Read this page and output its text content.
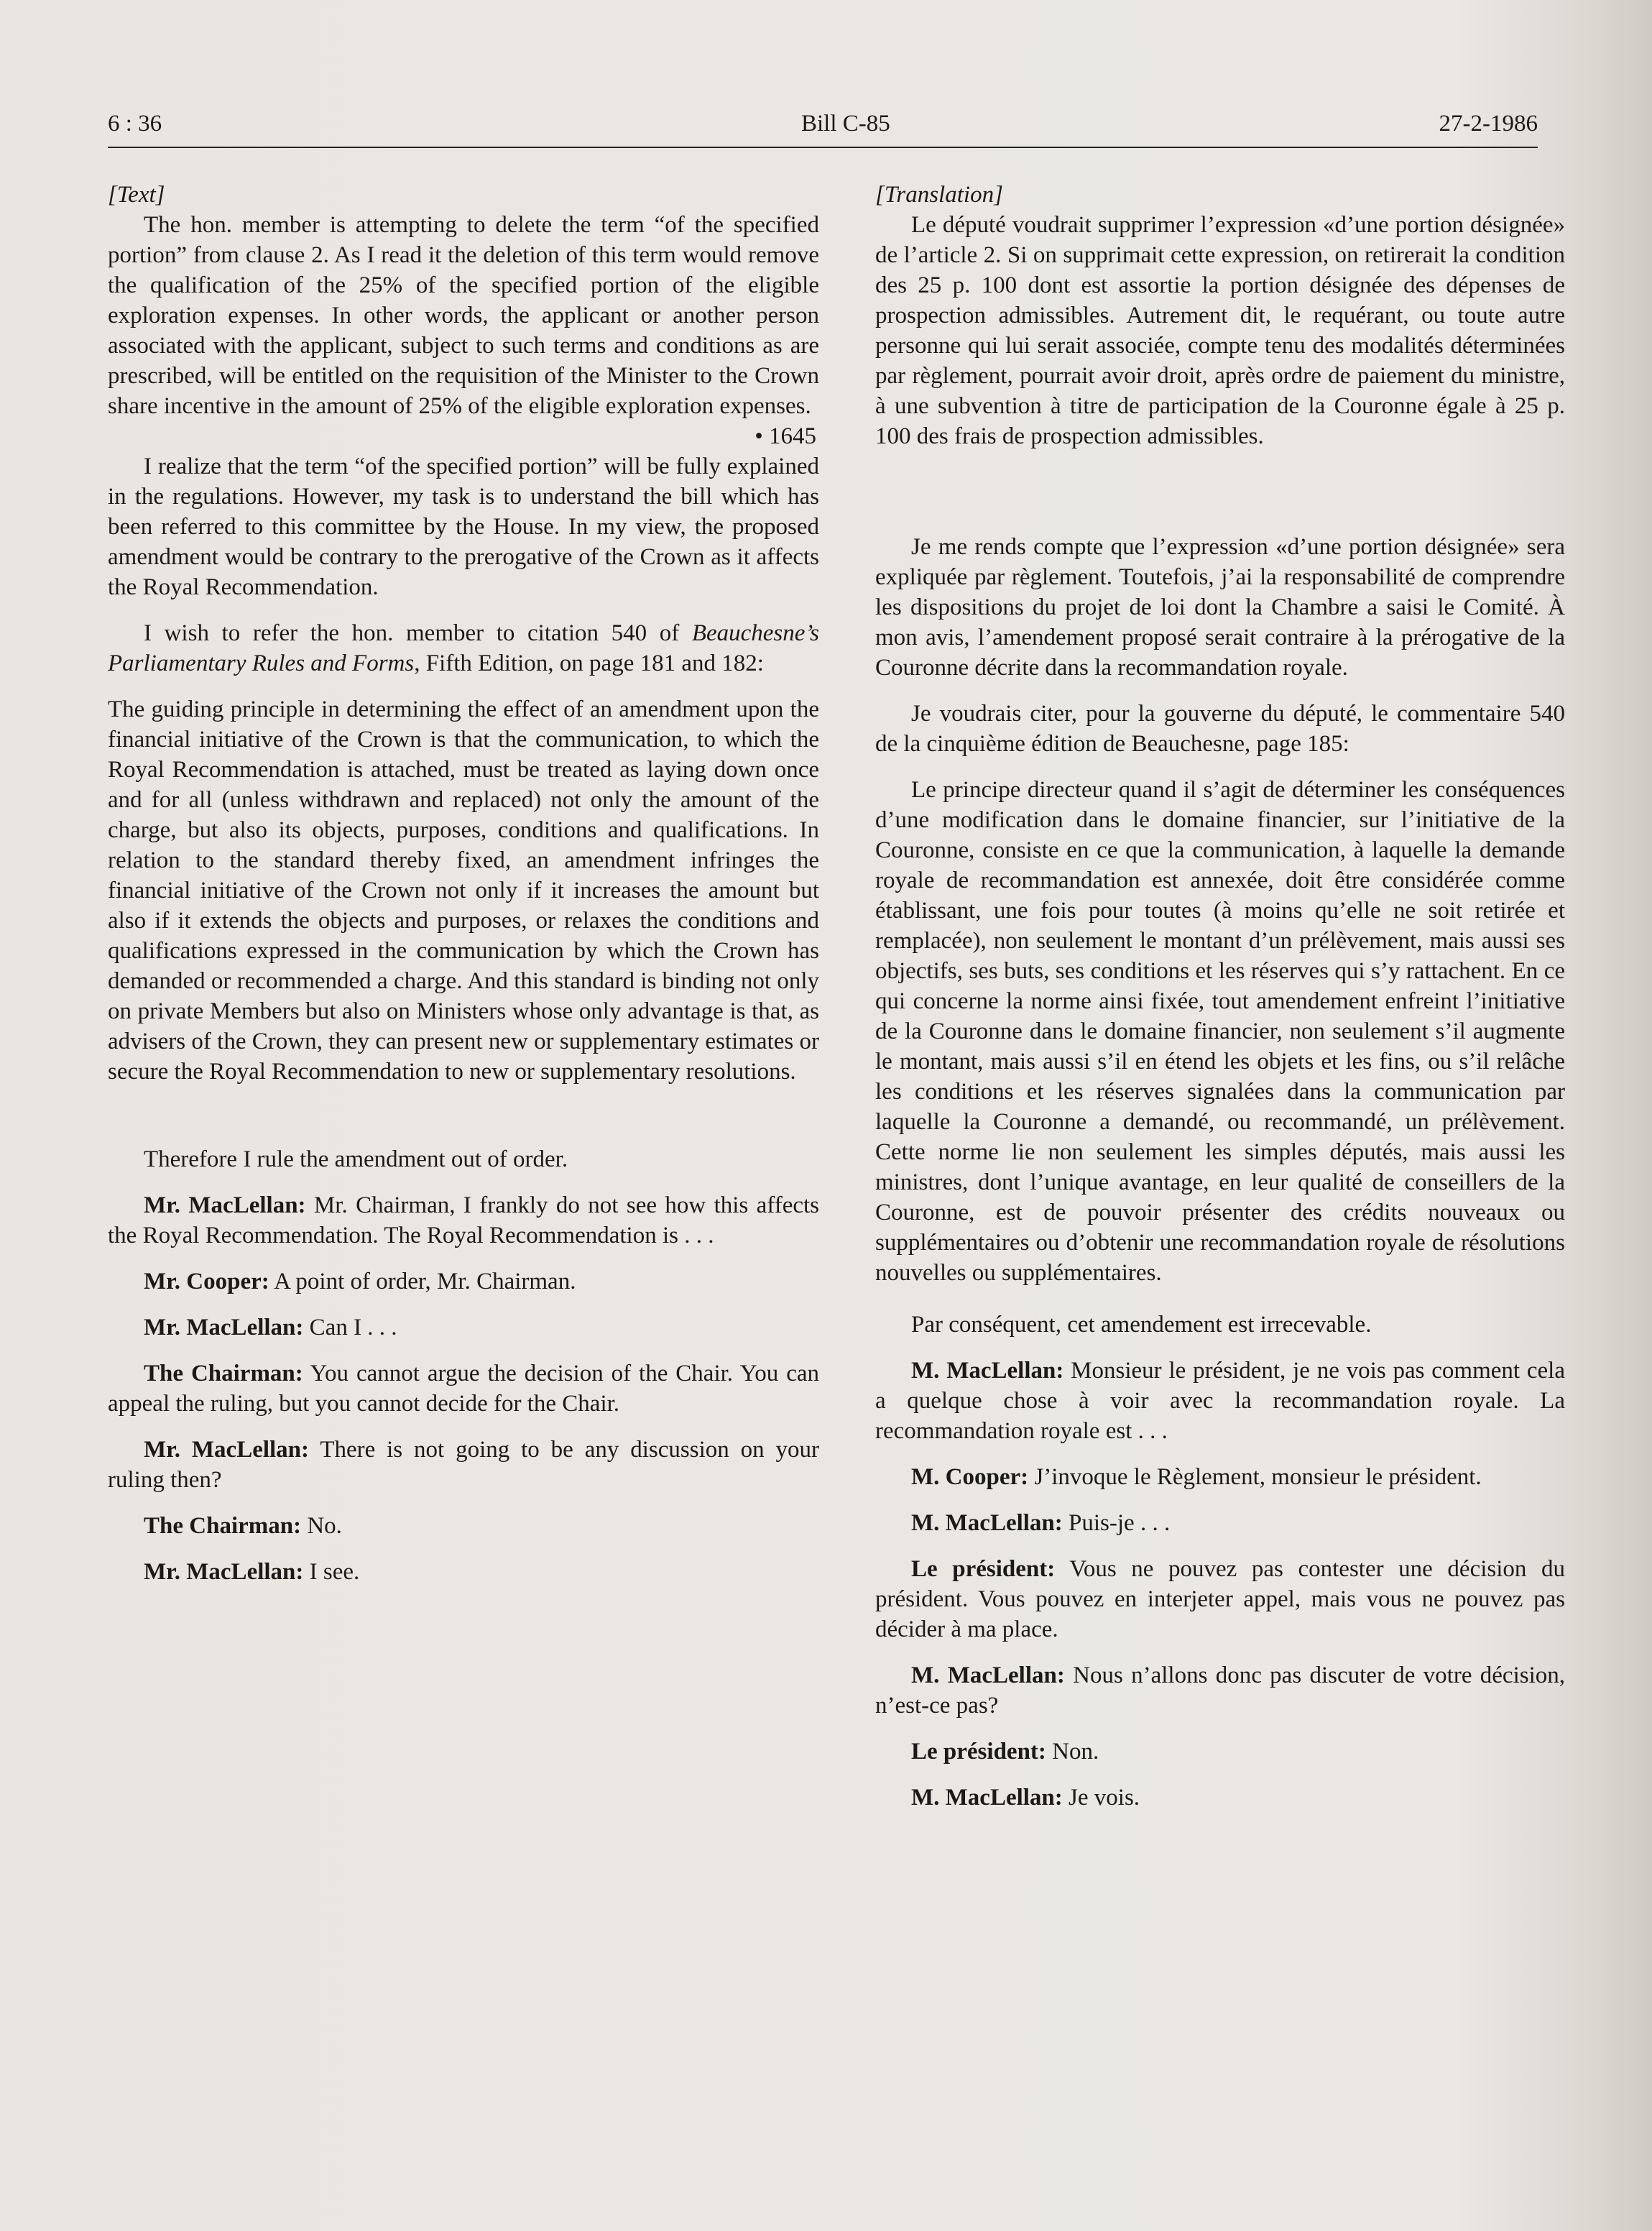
6 : 36	Bill C-85	27-2-1986

[Text]

The hon. member is attempting to delete the term “of the specified portion” from clause 2. As I read it the deletion of this term would remove the qualification of the 25% of the specified portion of the eligible exploration expenses. In other words, the applicant or another person associated with the applicant, subject to such terms and conditions as are prescribed, will be entitled on the requisition of the Minister to the Crown share incentive in the amount of 25% of the eligible exploration expenses.

• 1645

I realize that the term “of the specified portion” will be fully explained in the regulations. However, my task is to understand the bill which has been referred to this committee by the House. In my view, the proposed amendment would be contrary to the prerogative of the Crown as it affects the Royal Recommendation.

I wish to refer the hon. member to citation 540 of Beauchesne’s Parliamentary Rules and Forms, Fifth Edition, on page 181 and 182:

The guiding principle in determining the effect of an amendment upon the financial initiative of the Crown is that the communication, to which the Royal Recommendation is attached, must be treated as laying down once and for all (unless withdrawn and replaced) not only the amount of the charge, but also its objects, purposes, conditions and qualifications. In relation to the standard thereby fixed, an amendment infringes the financial initiative of the Crown not only if it increases the amount but also if it extends the objects and purposes, or relaxes the conditions and qualifications expressed in the communication by which the Crown has demanded or recommended a charge. And this standard is binding not only on private Members but also on Ministers whose only advantage is that, as advisers of the Crown, they can present new or supplementary estimates or secure the Royal Recommendation to new or supplementary resolutions.

Therefore I rule the amendment out of order.

Mr. MacLellan: Mr. Chairman, I frankly do not see how this affects the Royal Recommendation. The Royal Recommendation is . . .

Mr. Cooper: A point of order, Mr. Chairman.

Mr. MacLellan: Can I . . .

The Chairman: You cannot argue the decision of the Chair. You can appeal the ruling, but you cannot decide for the Chair.

Mr. MacLellan: There is not going to be any discussion on your ruling then?

The Chairman: No.

Mr. MacLellan: I see.

[Translation]

Le député voudrait supprimer l’expression «d’une portion désignée» de l’article 2. Si on supprimait cette expression, on retirerait la condition des 25 p. 100 dont est assortie la portion désignée des dépenses de prospection admissibles. Autrement dit, le requérant, ou toute autre personne qui lui serait associée, compte tenu des modalités déterminées par règlement, pourrait avoir droit, après ordre de paiement du ministre, à une subvention à titre de participation de la Couronne égale à 25 p. 100 des frais de prospection admissibles.

Je me rends compte que l’expression «d’une portion désignée» sera expliquée par règlement. Toutefois, j’ai la responsabilité de comprendre les dispositions du projet de loi dont la Chambre a saisi le Comité. À mon avis, l’amendement proposé serait contraire à la prérogative de la Couronne décrite dans la recommandation royale.

Je voudrais citer, pour la gouverne du député, le commentaire 540 de la cinquième édition de Beauchesne, page 185:

Le principe directeur quand il s’agit de déterminer les conséquences d’une modification dans le domaine financier, sur l’initiative de la Couronne, consiste en ce que la communication, à laquelle la demande royale de recommandation est annexée, doit être considérée comme établissant, une fois pour toutes (à moins qu’elle ne soit retirée et remplacée), non seulement le montant d’un prélèvement, mais aussi ses objectifs, ses buts, ses conditions et les réserves qui s’y rattachent. En ce qui concerne la norme ainsi fixée, tout amendement enfreint l’initiative de la Couronne dans le domaine financier, non seulement s’il augmente le montant, mais aussi s’il en étend les objets et les fins, ou s’il relâche les conditions et les réserves signalées dans la communication par laquelle la Couronne a demandé, ou recommandé, un prélèvement. Cette norme lie non seulement les simples députés, mais aussi les ministres, dont l’unique avantage, en leur qualité de conseillers de la Couronne, est de pouvoir présenter des crédits nouveaux ou supplémentaires ou d’obtenir une recommandation royale de résolutions nouvelles ou supplémentaires.

Par conséquent, cet amendement est irrecevable.

M. MacLellan: Monsieur le président, je ne vois pas comment cela a quelque chose à voir avec la recommandation royale. La recommandation royale est . . .

M. Cooper: J’invoque le Règlement, monsieur le président.

M. MacLellan: Puis-je . . .

Le président: Vous ne pouvez pas contester une décision du président. Vous pouvez en interjeter appel, mais vous ne pouvez pas décider à ma place.

M. MacLellan: Nous n’allons donc pas discuter de votre décision, n’est-ce pas?

Le président: Non.

M. MacLellan: Je vois.
